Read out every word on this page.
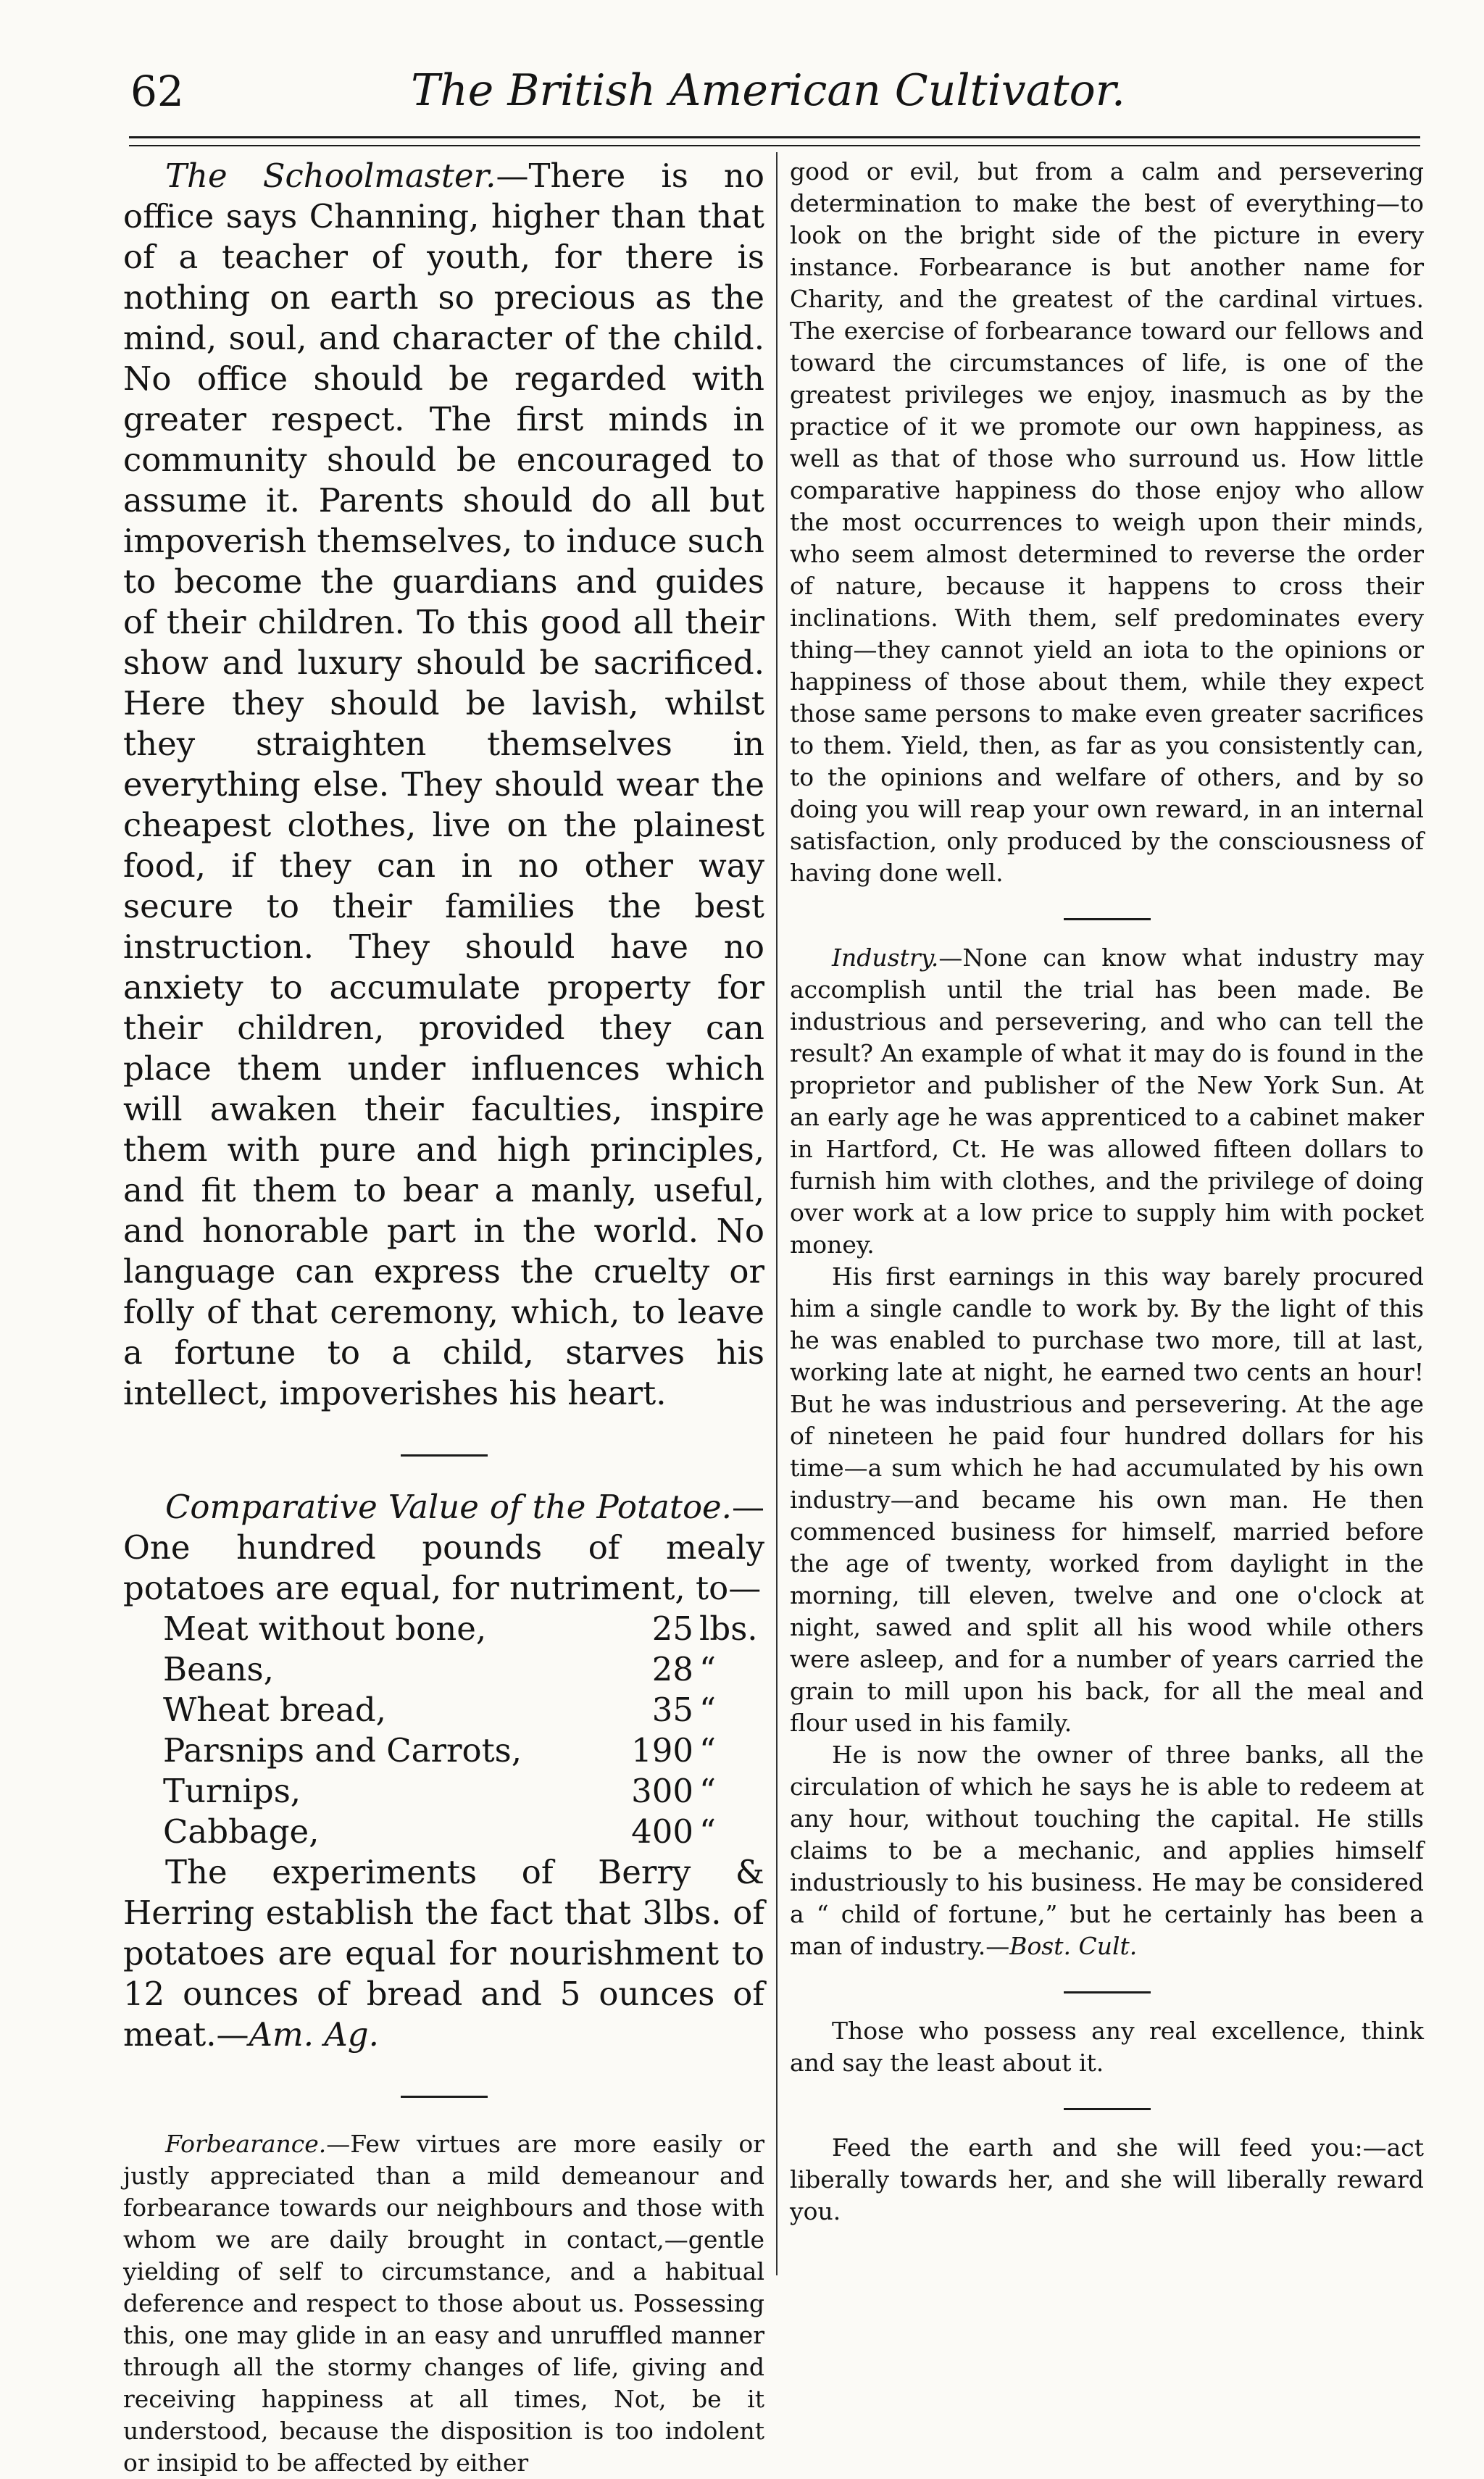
62	The British American Cultivator.

The Schoolmaster.—There is no office says Channing, higher than that of a teacher of youth, for there is nothing on earth so precious as the mind, soul, and character of the child. No office should be regarded with greater respect. The first minds in community should be encouraged to assume it. Parents should do all but impoverish themselves, to induce such to become the guardians and guides of their children. To this good all their show and luxury should be sacrificed. Here they should be lavish, whilst they straighten themselves in everything else. They should wear the cheapest clothes, live on the plainest food, if they can in no other way secure to their families the best instruction. They should have no anxiety to accumulate property for their children, provided they can place them under influences which will awaken their faculties, inspire them with pure and high principles, and fit them to bear a manly, useful, and honorable part in the world. No language can express the cruelty or folly of that ceremony, which, to leave a fortune to a child, starves his intellect, impoverishes his heart.

Comparative Value of the Potatoe.—One hundred pounds of mealy potatoes are equal, for nutriment, to—

Meat without bone,	25 lbs.
Beans,	28 “
Wheat bread,	35 “
Parsnips and Carrots,	190 “
Turnips,	300 “
Cabbage,	400 “

The experiments of Berry & Herring establish the fact that 3lbs. of potatoes are equal for nourishment to 12 ounces of bread and 5 ounces of meat.—Am. Ag.

Forbearance.—Few virtues are more easily or justly appreciated than a mild demeanour and forbearance towards our neighbours and those with whom we are daily brought in contact,—gentle yielding of self to circumstance, and a habitual deference and respect to those about us. Possessing this, one may glide in an easy and unruffled manner through all the stormy changes of life, giving and receiving happiness at all times, Not, be it understood, because the disposition is too indolent or insipid to be affected by either

good or evil, but from a calm and persevering determination to make the best of everything—to look on the bright side of the picture in every instance. Forbearance is but another name for Charity, and the greatest of the cardinal virtues. The exercise of forbearance toward our fellows and toward the circumstances of life, is one of the greatest privileges we enjoy, inasmuch as by the practice of it we promote our own happiness, as well as that of those who surround us. How little comparative happiness do those enjoy who allow the most occurrences to weigh upon their minds, who seem almost determined to reverse the order of nature, because it happens to cross their inclinations. With them, self predominates every thing—they cannot yield an iota to the opinions or happiness of those about them, while they expect those same persons to make even greater sacrifices to them. Yield, then, as far as you consistently can, to the opinions and welfare of others, and by so doing you will reap your own reward, in an internal satisfaction, only produced by the consciousness of having done well.

Industry.—None can know what industry may accomplish until the trial has been made. Be industrious and persevering, and who can tell the result? An example of what it may do is found in the proprietor and publisher of the New York Sun. At an early age he was apprenticed to a cabinet maker in Hartford, Ct. He was allowed fifteen dollars to furnish him with clothes, and the privilege of doing over work at a low price to supply him with pocket money.

His first earnings in this way barely procured him a single candle to work by. By the light of this he was enabled to purchase two more, till at last, working late at night, he earned two cents an hour! But he was industrious and persevering. At the age of nineteen he paid four hundred dollars for his time—a sum which he had accumulated by his own industry—and became his own man. He then commenced business for himself, married before the age of twenty, worked from daylight in the morning, till eleven, twelve and one o'clock at night, sawed and split all his wood while others were asleep, and for a number of years carried the grain to mill upon his back, for all the meal and flour used in his family.

He is now the owner of three banks, all the circulation of which he says he is able to redeem at any hour, without touching the capital. He stills claims to be a mechanic, and applies himself industriously to his business. He may be considered a “ child of fortune,” but he certainly has been a man of industry.—Bost. Cult.

Those who possess any real excellence, think and say the least about it.

Feed the earth and she will feed you:—act liberally towards her, and she will liberally reward you.
